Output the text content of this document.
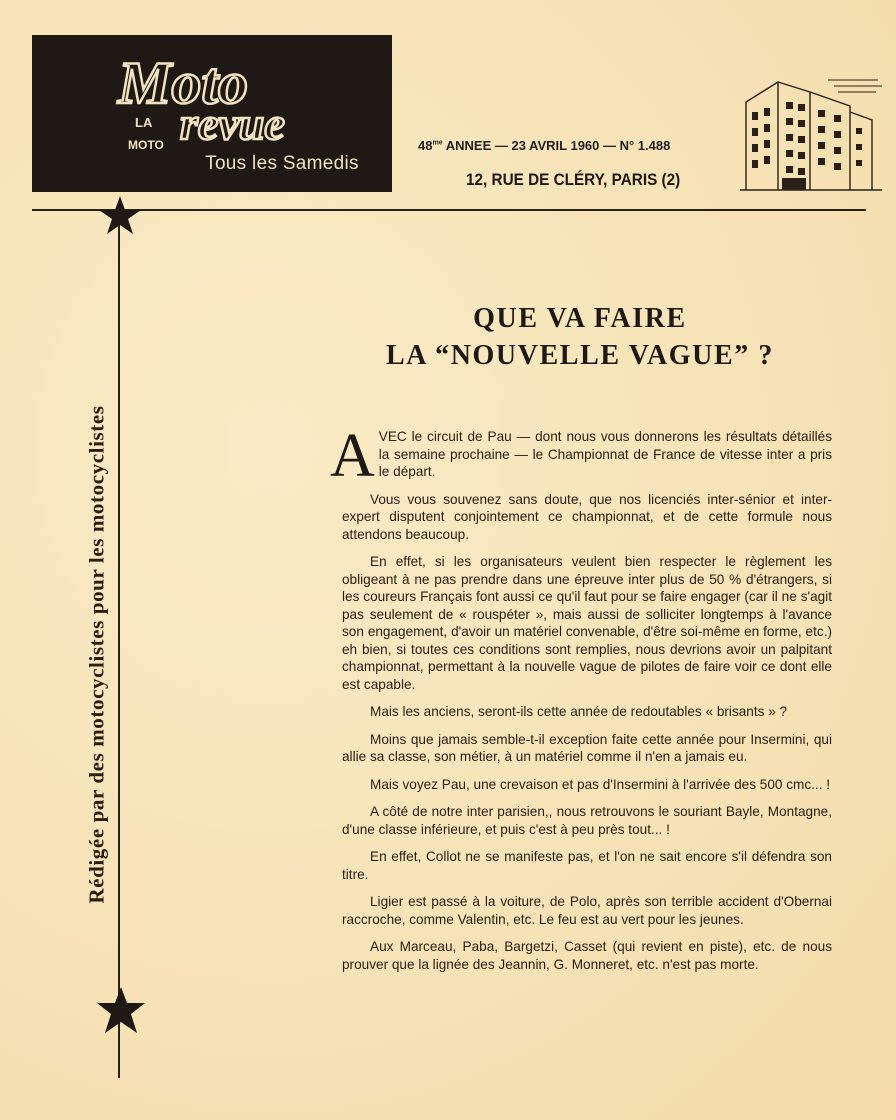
Moto
revue
LA
MOTO
Tous les Samedis
$48^{me}$ ANNEE — 23 AVRIL 1960 — N° 1.488
12, RUE DE CLÉRY, PARIS (2)
Rédigée par des motocyclistes pour les motocyclistes
QUE VA FAIRE
LA “NOUVELLE VAGUE” ?

AVEC le circuit de Pau — dont nous vous donnerons les résultats détaillés la semaine prochaine — le Championnat de France de vitesse inter a pris le départ.

Vous vous souvenez sans doute, que nos licenciés inter-sénior et inter-expert disputent conjointement ce championnat, et de cette formule nous attendons beaucoup.

En effet, si les organisateurs veulent bien respecter le règlement les obligeant à ne pas prendre dans une épreuve inter plus de 50 % d'étrangers, si les coureurs Français font aussi ce qu'il faut pour se faire engager (car il ne s'agit pas seulement de « rouspéter », mais aussi de solliciter longtemps à l'avance son engagement, d'avoir un matériel convenable, d'être soi-même en forme, etc.) eh bien, si toutes ces conditions sont remplies, nous devrions avoir un palpitant championnat, permettant à la nouvelle vague de pilotes de faire voir ce dont elle est capable.

Mais les anciens, seront-ils cette année de redoutables « brisants » ?

Moins que jamais semble-t-il exception faite cette année pour Insermini, qui allie sa classe, son métier, à un matériel comme il n'en a jamais eu.

Mais voyez Pau, une crevaison et pas d'Insermini à l'arrivée des 500 cmc... !

A côté de notre inter parisien,, nous retrouvons le souriant Bayle, Montagne, d'une classe inférieure, et puis c'est à peu près tout... !

En effet, Collot ne se manifeste pas, et l'on ne sait encore s'il défendra son titre.

Ligier est passé à la voiture, de Polo, après son terrible accident d'Obernai raccroche, comme Valentin, etc. Le feu est au vert pour les jeunes.

Aux Marceau, Paba, Bargetzi, Casset (qui revient en piste), etc. de nous prouver que la lignée des Jeannin, G. Monneret, etc. n'est pas morte.
